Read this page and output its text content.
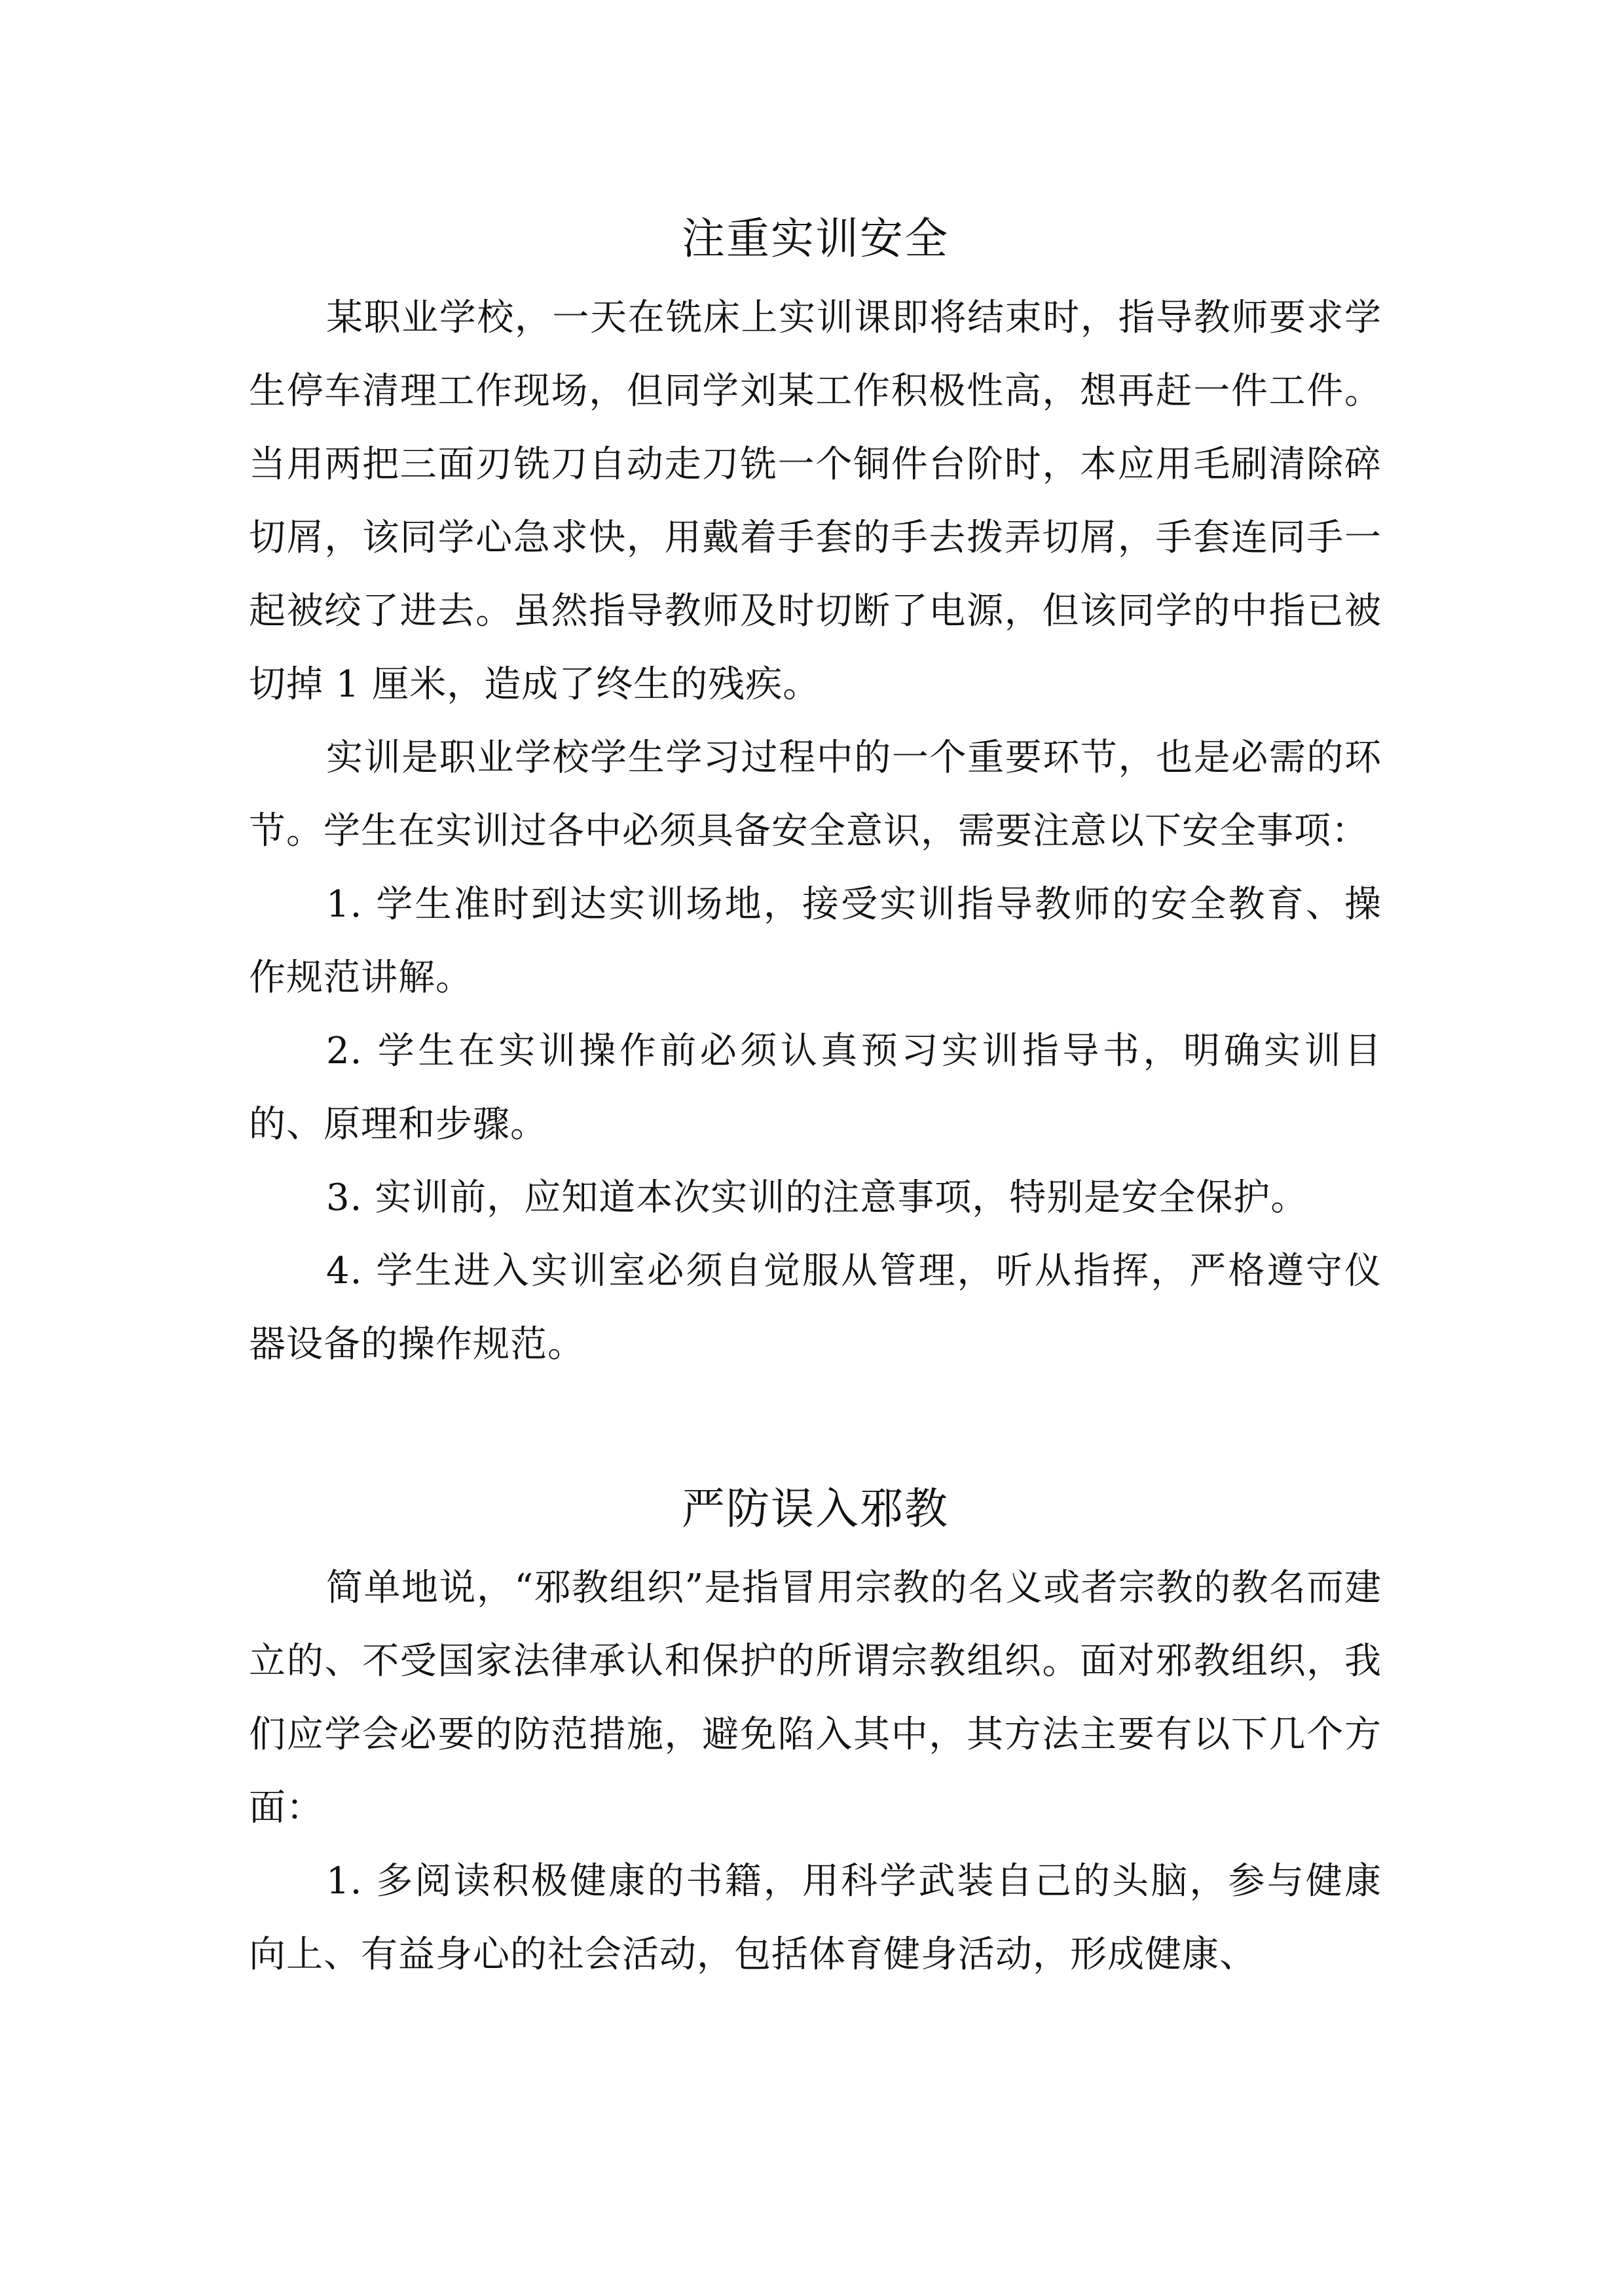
注重实训安全

某职业学校，一天在铣床上实训课即将结束时，指导教师要求学生停车清理工作现场，但同学刘某工作积极性高，想再赶一件工件。当用两把三面刃铣刀自动走刀铣一个铜件台阶时，本应用毛刷清除碎切屑，该同学心急求快，用戴着手套的手去拨弄切屑，手套连同手一起被绞了进去。虽然指导教师及时切断了电源，但该同学的中指已被切掉 1 厘米，造成了终生的残疾。

实训是职业学校学生学习过程中的一个重要环节，也是必需的环节。学生在实训过各中必须具备安全意识，需要注意以下安全事项：

1. 学生准时到达实训场地，接受实训指导教师的安全教育、操作规范讲解。

2. 学生在实训操作前必须认真预习实训指导书，明确实训目的、原理和步骤。

3. 实训前，应知道本次实训的注意事项，特别是安全保护。

4. 学生进入实训室必须自觉服从管理，听从指挥，严格遵守仪器设备的操作规范。

严防误入邪教

简单地说，“邪教组织”是指冒用宗教的名义或者宗教的教名而建立的、不受国家法律承认和保护的所谓宗教组织。面对邪教组织，我们应学会必要的防范措施，避免陷入其中，其方法主要有以下几个方面：

1. 多阅读积极健康的书籍，用科学武装自己的头脑，参与健康向上、有益身心的社会活动，包括体育健身活动，形成健康、
